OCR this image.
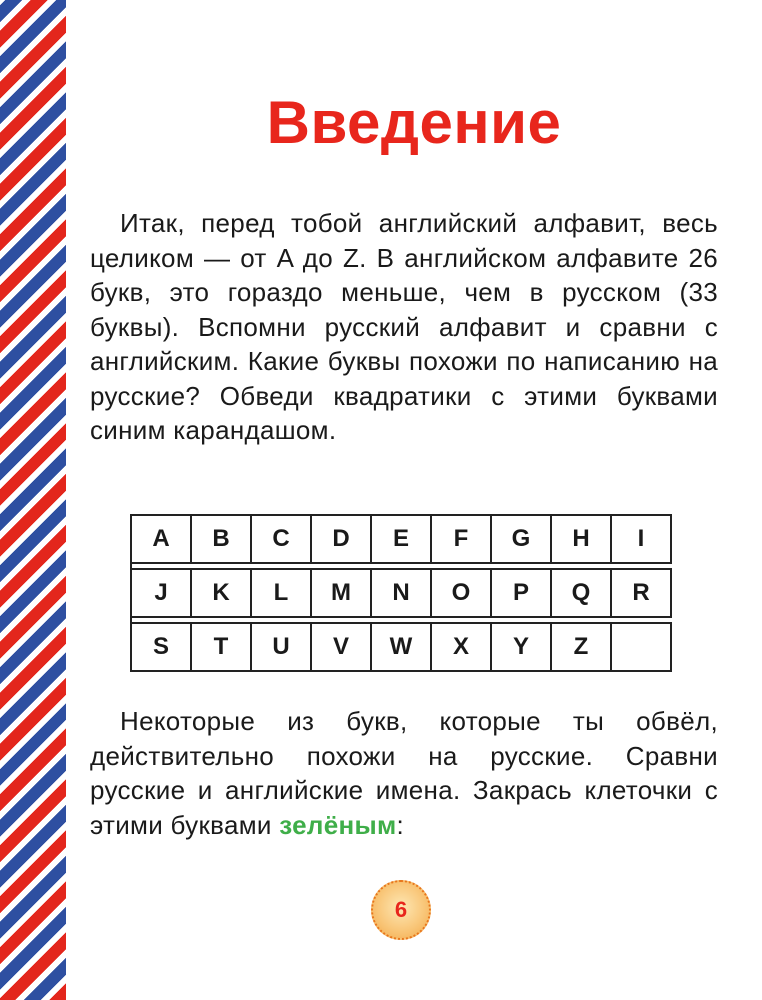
Введение
Итак, перед тобой английский алфавит, весь целиком — от A до Z. В английском алфавите 26 букв, это гораздо меньше, чем в русском (33 буквы). Вспомни русский алфавит и сравни с английским. Какие буквы похожи по написанию на русские? Обведи квадратики с этими буквами синим карандашом.
A	B	C	D	E	F	G	H	I
J	K	L	M	N	O	P	Q	R
S	T	U	V	W	X	Y	Z
Некоторые из букв, которые ты обвёл, действительно похожи на русские. Сравни русские и английские имена. Закрась клеточки с этими буквами зелёным:
6
